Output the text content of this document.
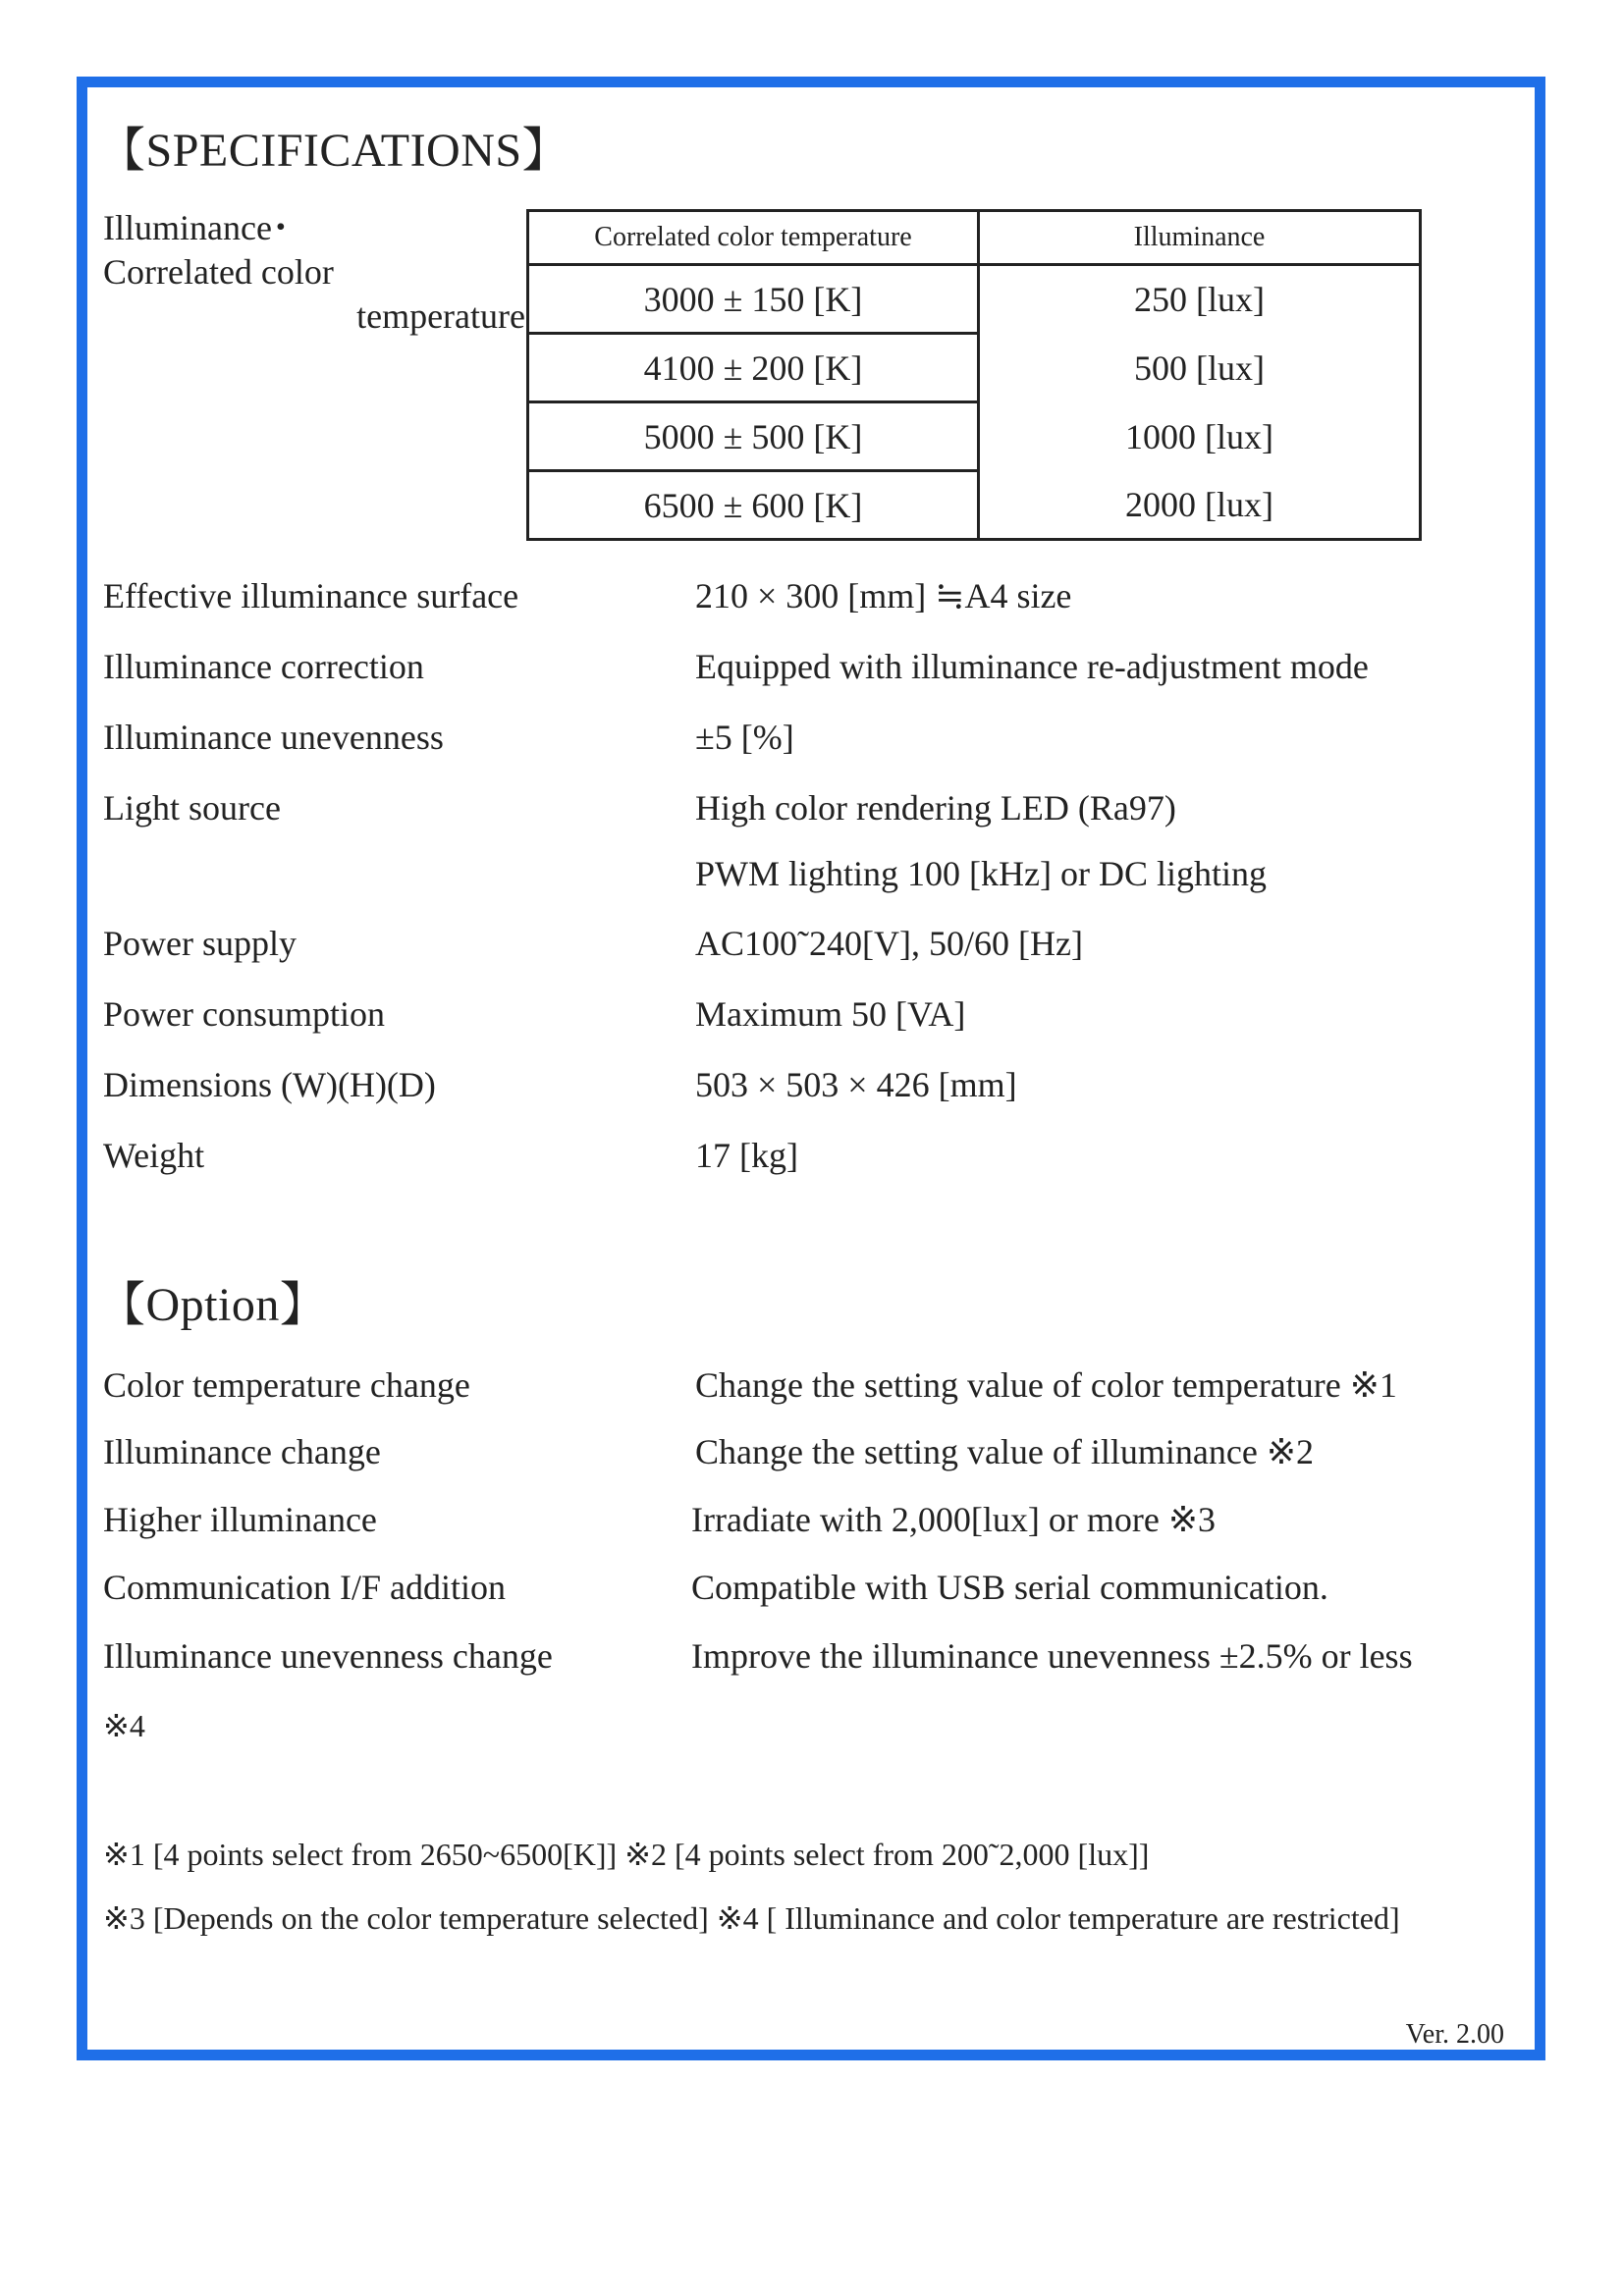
【SPECIFICATIONS】
Illuminance･
Correlated color
temperature
Correlated color temperature	Illuminance
3000 ± 150 [K]	250 [lux]
4100 ± 200 [K]	500 [lux]
5000 ± 500 [K]	1000 [lux]
6500 ± 600 [K]	2000 [lux]
Effective illuminance surface	210 × 300 [mm] ≒A4 size
Illuminance correction	Equipped with illuminance re-adjustment mode
Illuminance unevenness	±5 [%]
Light source	High color rendering LED (Ra97)
PWM lighting 100 [kHz] or DC lighting
Power supply	AC100˜240[V], 50/60 [Hz]
Power consumption	Maximum 50 [VA]
Dimensions (W)(H)(D)	503 × 503 × 426 [mm]
Weight	17 [kg]
【Option】
Color temperature change	Change the setting value of color temperature ※1
Illuminance change	Change the setting value of illuminance ※2
Higher illuminance	Irradiate with 2,000[lux] or more ※3
Communication I/F addition	Compatible with USB serial communication.
Illuminance unevenness change	Improve the illuminance unevenness ±2.5% or less
※4
※1 [4 points select from 2650~6500[K]] ※2 [4 points select from 200˜2,000 [lux]]
※3 [Depends on the color temperature selected] ※4 [ Illuminance and color temperature are restricted]
Ver. 2.00
